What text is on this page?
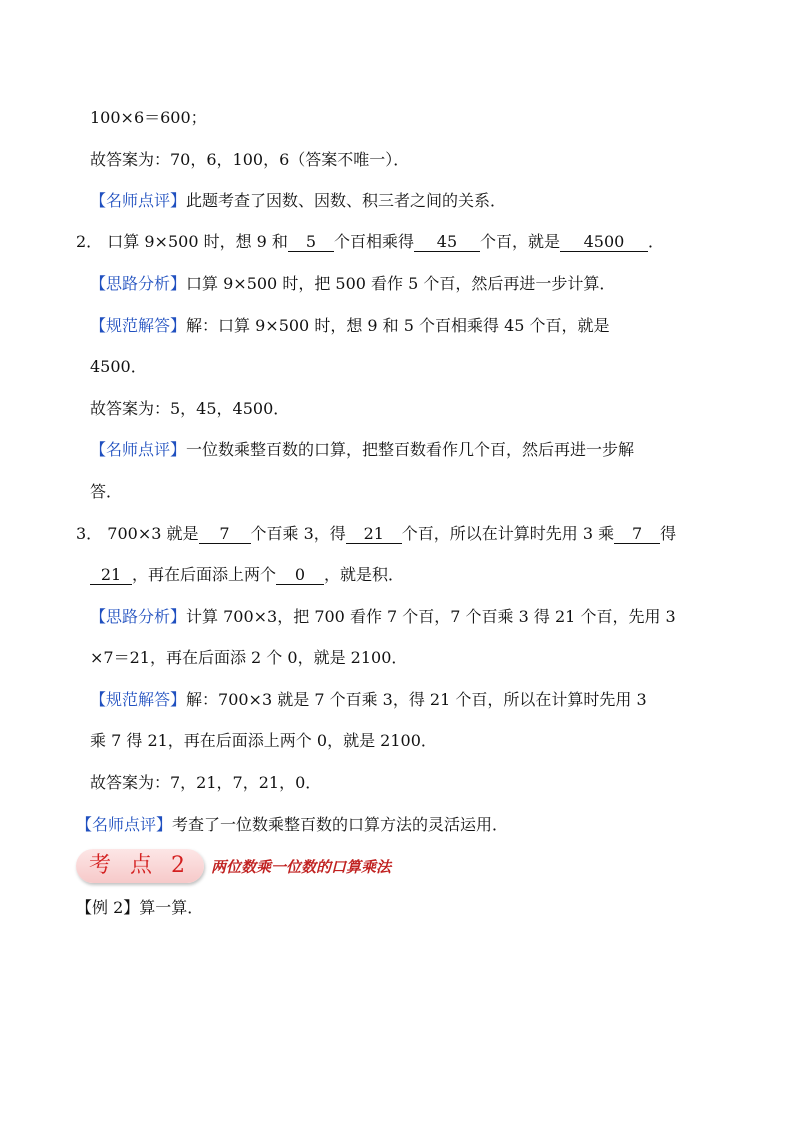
100×6＝600；
故答案为：70，6，100，6（答案不唯一）．
【名师点评】此题考查了因数、因数、积三者之间的关系．
2． 口算 9×500 时，想 9 和 5 个百相乘得 45 个百，就是 4500 ．
【思路分析】口算 9×500 时，把 500 看作 5 个百，然后再进一步计算．
【规范解答】解：口算 9×500 时，想 9 和 5 个百相乘得 45 个百，就是
4500．
故答案为：5，45，4500．
【名师点评】一位数乘整百数的口算，把整百数看作几个百，然后再进一步解
答．
3． 700×3 就是 7 个百乘 3，得 21 个百，所以在计算时先用 3 乘 7 得
21 ，再在后面添上两个 0 ，就是积．
【思路分析】计算 700×3，把 700 看作 7 个百，7 个百乘 3 得 21 个百，先用 3
×7＝21，再在后面添 2 个 0，就是 2100．
【规范解答】解：700×3 就是 7 个百乘 3，得 21 个百，所以在计算时先用 3
乘 7 得 21，再在后面添上两个 0，就是 2100．
故答案为：7，21，7，21，0．
【名师点评】考查了一位数乘整百数的口算方法的灵活运用．
考 点 2	两位数乘一位数的口算乘法
【例 2】算一算．
